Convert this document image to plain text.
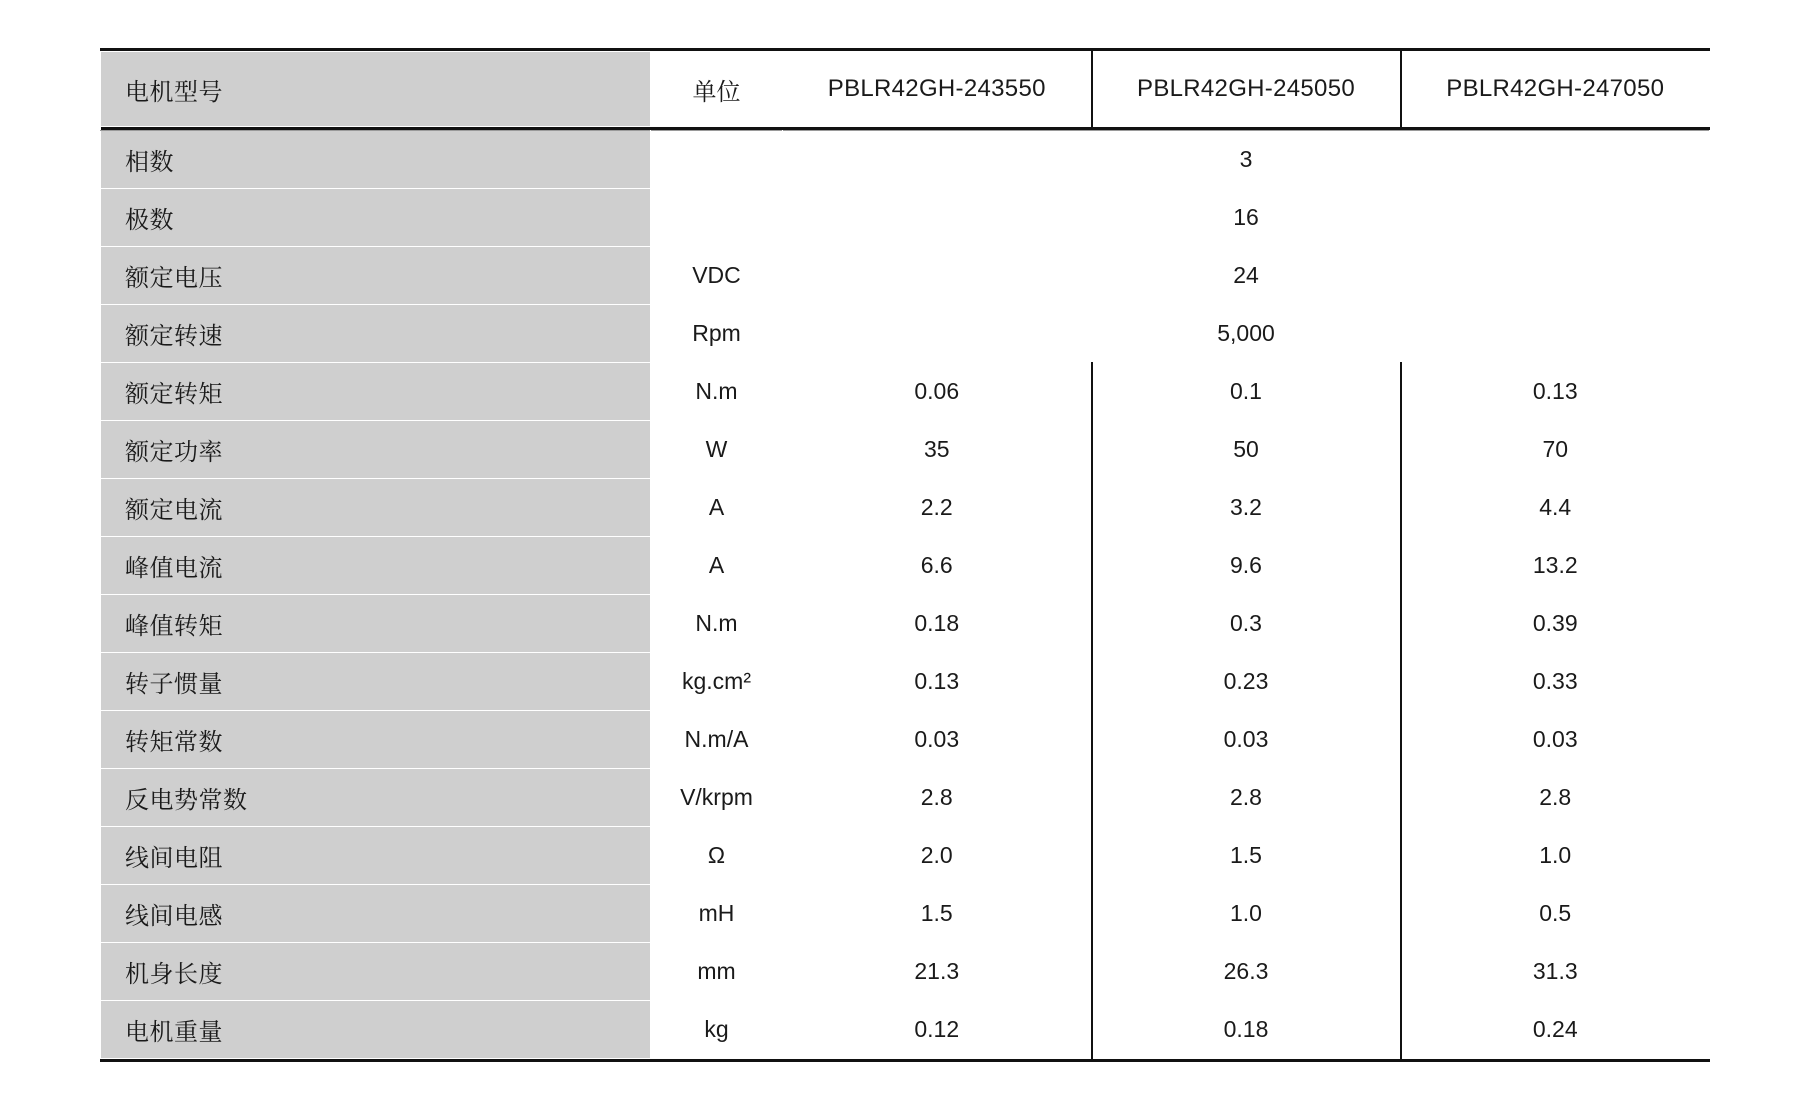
电机型号	单位	PBLR42GH-243550	PBLR42GH-245050	PBLR42GH-247050

相数		3		
极数		16		
额定电压	VDC	24		
额定转速	Rpm	5,000		
额定转矩	N.m	0.06	0.1	0.13
额定功率	W	35	50	70
额定电流	A	2.2	3.2	4.4
峰值电流	A	6.6	9.6	13.2
峰值转矩	N.m	0.18	0.3	0.39
转子惯量	kg.cm²	0.13	0.23	0.33
转矩常数	N.m/A	0.03	0.03	0.03
反电势常数	V/krpm	2.8	2.8	2.8
线间电阻	Ω	2.0	1.5	1.0
线间电感	mH	1.5	1.0	0.5
机身长度	mm	21.3	26.3	31.3
电机重量	kg	0.12	0.18	0.24
